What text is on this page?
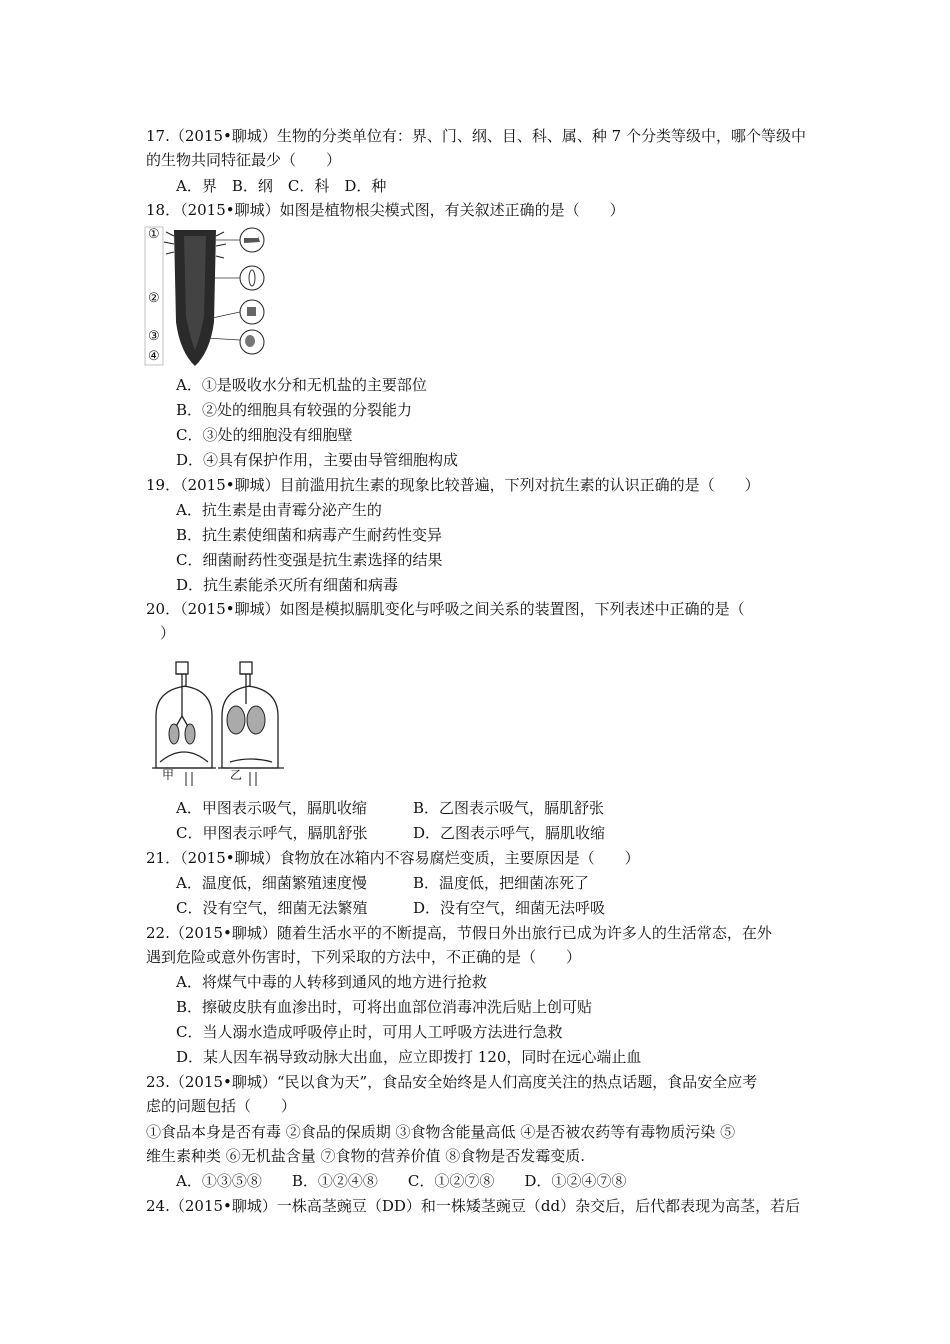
17.（2015•聊城）生物的分类单位有：界、门、纲、目、科、属、种 7 个分类等级中，哪个等级中
的生物共同特征最少（　　）
A．界　B．纲　C．科　D．种
18．（2015•聊城）如图是植物根尖模式图，有关叙述正确的是（　　）
①
②
③
④
A．①是吸收水分和无机盐的主要部位
B．②处的细胞具有较强的分裂能力
C．③处的细胞没有细胞壁
D．④具有保护作用，主要由导管细胞构成
19．（2015•聊城）目前滥用抗生素的现象比较普遍，下列对抗生素的认识正确的是（　　）
A．抗生素是由青霉分泌产生的
B．抗生素使细菌和病毒产生耐药性变异
C．细菌耐药性变强是抗生素选择的结果
D．抗生素能杀灭所有细菌和病毒
20．（2015•聊城）如图是模拟膈肌变化与呼吸之间关系的装置图，下列表述中正确的是（
）
甲	乙
A．甲图表示吸气，膈肌收缩	B．乙图表示吸气，膈肌舒张
C．甲图表示呼气，膈肌舒张	D．乙图表示呼气，膈肌收缩
21．（2015•聊城）食物放在冰箱内不容易腐烂变质，主要原因是（　　）
A．温度低，细菌繁殖速度慢	B．温度低，把细菌冻死了
C．没有空气，细菌无法繁殖	D．没有空气，细菌无法呼吸
22.（2015•聊城）随着生活水平的不断提高，节假日外出旅行已成为许多人的生活常态，在外
遇到危险或意外伤害时，下列采取的方法中，不正确的是（　　）
A．将煤气中毒的人转移到通风的地方进行抢救
B．擦破皮肤有血渗出时，可将出血部位消毒冲洗后贴上创可贴
C．当人溺水造成呼吸停止时，可用人工呼吸方法进行急救
D．某人因车祸导致动脉大出血，应立即拨打 120，同时在远心端止血
23.（2015•聊城）“民以食为天”，食品安全始终是人们高度关注的热点话题，食品安全应考
虑的问题包括（　　）
①食品本身是否有毒 ②食品的保质期 ③食物含能量高低 ④是否被农药等有毒物质污染 ⑤
维生素种类 ⑥无机盐含量 ⑦食物的营养价值 ⑧食物是否发霉变质.
A．①③⑤⑧　　B．①②④⑧　　C．①②⑦⑧　　D．①②④⑦⑧
24.（2015•聊城）一株高茎豌豆（DD）和一株矮茎豌豆（dd）杂交后，后代都表现为高茎，若后
